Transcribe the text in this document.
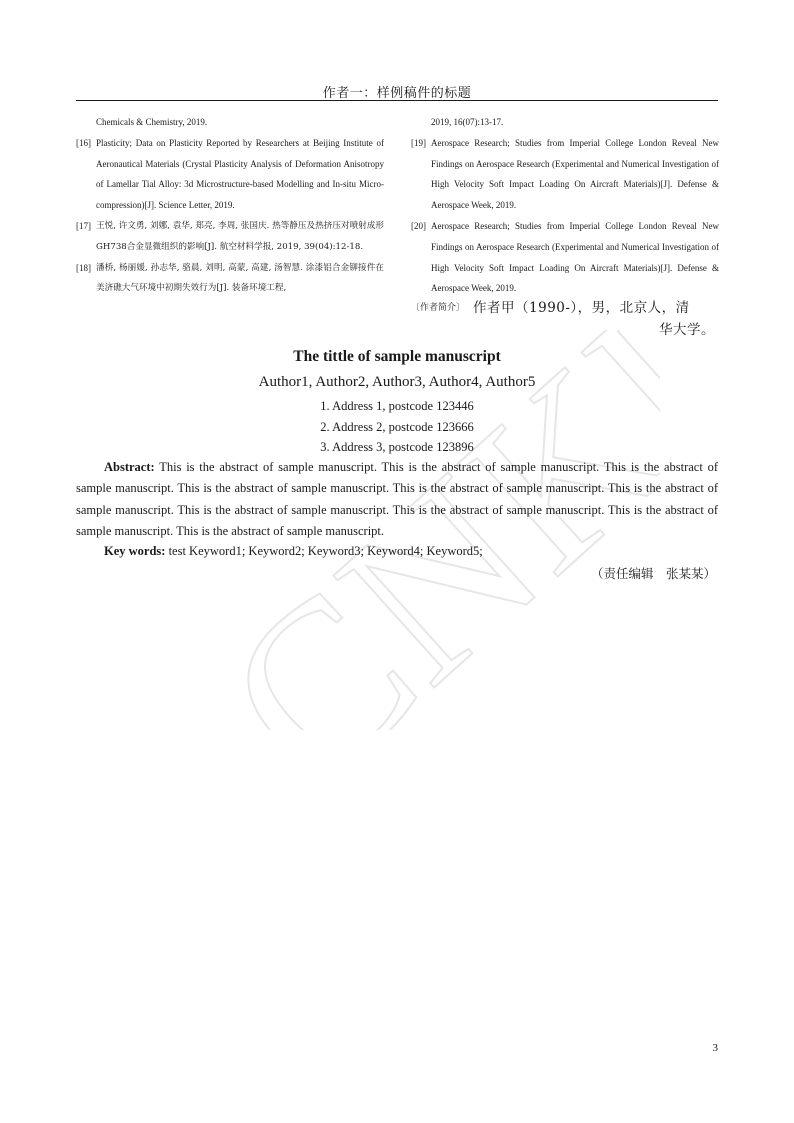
CNKI
作者一：样例稿件的标题
Chemicals & Chemistry, 2019.
[16] Plasticity; Data on Plasticity Reported by Researchers at Beijing Institute of Aeronautical Materials (Crystal Plasticity Analysis of Deformation Anisotropy of Lamellar Tial Alloy: 3d Microstructure-based Modelling and In-situ Micro-compression)[J]. Science Letter, 2019.
[17] 王悦, 许文勇, 刘娜, 袁华, 郑亮, 李周, 张国庆. 热等静压及热挤压对喷射成形GH738合金显微组织的影响[J]. 航空材料学报, 2019, 39(04):12-18.
[18] 潘桥, 杨丽媛, 孙志华, 骆晨, 刘明, 高蒙, 高建, 汤智慧. 涂漆铝合金铆接件在美济礁大气环境中初期失效行为[J]. 装备环境工程,
2019, 16(07):13-17.
[19] Aerospace Research; Studies from Imperial College London Reveal New Findings on Aerospace Research (Experimental and Numerical Investigation of High Velocity Soft Impact Loading On Aircraft Materials)[J]. Defense & Aerospace Week, 2019.
[20] Aerospace Research; Studies from Imperial College London Reveal New Findings on Aerospace Research (Experimental and Numerical Investigation of High Velocity Soft Impact Loading On Aircraft Materials)[J]. Defense & Aerospace Week, 2019.
〔作者简介〕 作者甲（1990-），男，北京人，清
华大学。
The tittle of sample manuscript
Author1, Author2, Author3, Author4, Author5
1. Address 1, postcode 123446
2. Address 2, postcode 123666
3. Address 3, postcode 123896

Abstract: This is the abstract of sample manuscript. This is the abstract of sample manuscript. This is the abstract of sample manuscript. This is the abstract of sample manuscript. This is the abstract of sample manuscript. This is the abstract of sample manuscript. This is the abstract of sample manuscript. This is the abstract of sample manuscript. This is the abstract of sample manuscript. This is the abstract of sample manuscript.

Key words: test Keyword1; Keyword2; Keyword3; Keyword4; Keyword5;

（责任编辑　张某某）
3
